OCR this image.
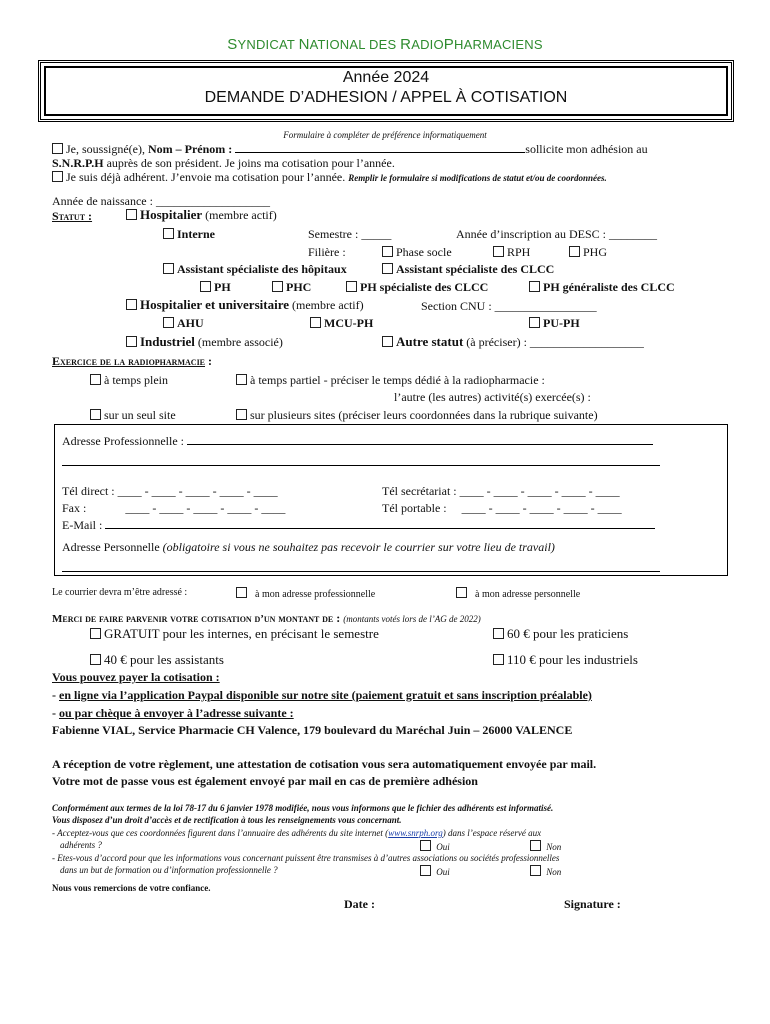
SYNDICAT NATIONAL DES RADIOPHARMACIENS
Année 2024
DEMANDE D’ADHESION / APPEL À COTISATION
Formulaire à compléter de préférence informatiquement
Je, soussigné(e), Nom – Prénom :	sollicite mon adhésion au
S.N.R.P.H auprès de son président. Je joins ma cotisation pour l’année.
Je suis déjà adhérent. J’envoie ma cotisation pour l’année. Remplir le formulaire si modifications de statut et/ou de coordonnées.
Année de naissance : ___________________
Statut :	Hospitalier (membre actif)
Interne	Semestre : _____	Année d’inscription au DESC : ________
Filière :	Phase socle	RPH	PHG
Assistant spécialiste des hôpitaux	Assistant spécialiste des CLCC
PH	PHC	PH spécialiste des CLCC	PH généraliste des CLCC
Hospitalier et universitaire (membre actif)	Section CNU : _________________
AHU	MCU-PH	PU-PH
Industriel (membre associé)	Autre statut (à préciser) : ___________________
Exercice de la radiopharmacie :
à temps plein	à temps partiel - préciser le temps dédié à la radiopharmacie :
l’autre (les autres) activité(s) exercée(s) :
sur un seul site	sur plusieurs sites (préciser leurs coordonnées dans la rubrique suivante)
Adresse Professionnelle :
Tél direct : ____ - ____ - ____ - ____ - ____	Tél secrétariat : ____ - ____ - ____ - ____ - ____
Fax :             ____ - ____ - ____ - ____ - ____	Tél portable :     ____ - ____ - ____ - ____ - ____
E-Mail :
Adresse Personnelle (obligatoire si vous ne souhaitez pas recevoir le courrier sur votre lieu de travail)
Le courrier devra m’être adressé :	à mon adresse professionnelle	à mon adresse personnelle
Merci de faire parvenir votre cotisation d’un montant de : (montants votés lors de l’AG de 2022)
GRATUIT pour les internes, en précisant le semestre	60 € pour les praticiens
40 € pour les assistants	110 € pour les industriels
Vous pouvez payer la cotisation :
- en ligne via l’application Paypal disponible sur notre site (paiement gratuit et sans inscription préalable)
- ou par chèque à envoyer à l’adresse suivante :
Fabienne VIAL, Service Pharmacie CH Valence, 179 boulevard du Maréchal Juin – 26000 VALENCE
A réception de votre règlement, une attestation de cotisation vous sera automatiquement envoyée par mail.
Votre mot de passe vous est également envoyé par mail en cas de première adhésion
Conformément aux termes de la loi 78-17 du 6 janvier 1978 modifiée, nous vous informons que le fichier des adhérents est informatisé.
Vous disposez d’un droit d’accès et de rectification à tous les renseignements vous concernant.
- Acceptez-vous que ces coordonnées figurent dans l’annuaire des adhérents du site internet (www.snrph.org) dans l’espace réservé aux
adhérents ?	Oui	Non
- Etes-vous d’accord pour que les informations vous concernant puissent être transmises à d’autres associations ou sociétés professionnelles
dans un but de formation ou d’information professionnelle ?	Oui	Non
Nous vous remercions de votre confiance.
Date :	Signature :
